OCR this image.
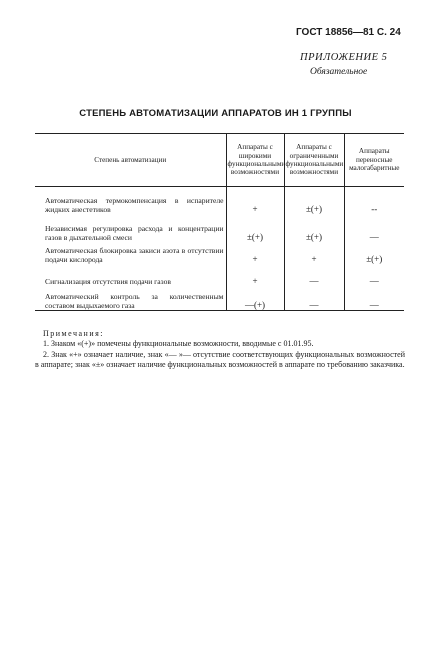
ГОСТ 18856—81 С. 24
ПРИЛОЖЕНИЕ 5
Обязательное
СТЕПЕНЬ АВТОМАТИЗАЦИИ АППАРАТОВ ИН 1 ГРУППЫ
Степень автоматизации	Аппараты с широкими функциональными возможностями	Аппараты с ограниченными функциональными возможностями	Аппараты переносные малогабаритные

Автоматическая термокомпенсация в испарителе жидких анестетиков	+	±(+)	--

Независимая регулировка расхода и концентрации газов в дыхательной смеси	±(+)	±(+)	—

Автоматическая блокировка закиси азота в отсутствии подачи кислорода	+	+	±(+)

Сигнализация отсутствия подачи газов	+	—	—

Автоматический контроль за количественным составом выдыхаемого газа	—(+)	—	—
Примечания:

1. Знаком «(+)» помечены функциональные возможности, вводимые с 01.01.95.

2. Знак «+» означает наличие, знак «— »— отсутствие соответствующих функциональных возможностей в аппарате; знак «±» означает наличие функциональных возможностей в аппарате по требованию заказчика.
